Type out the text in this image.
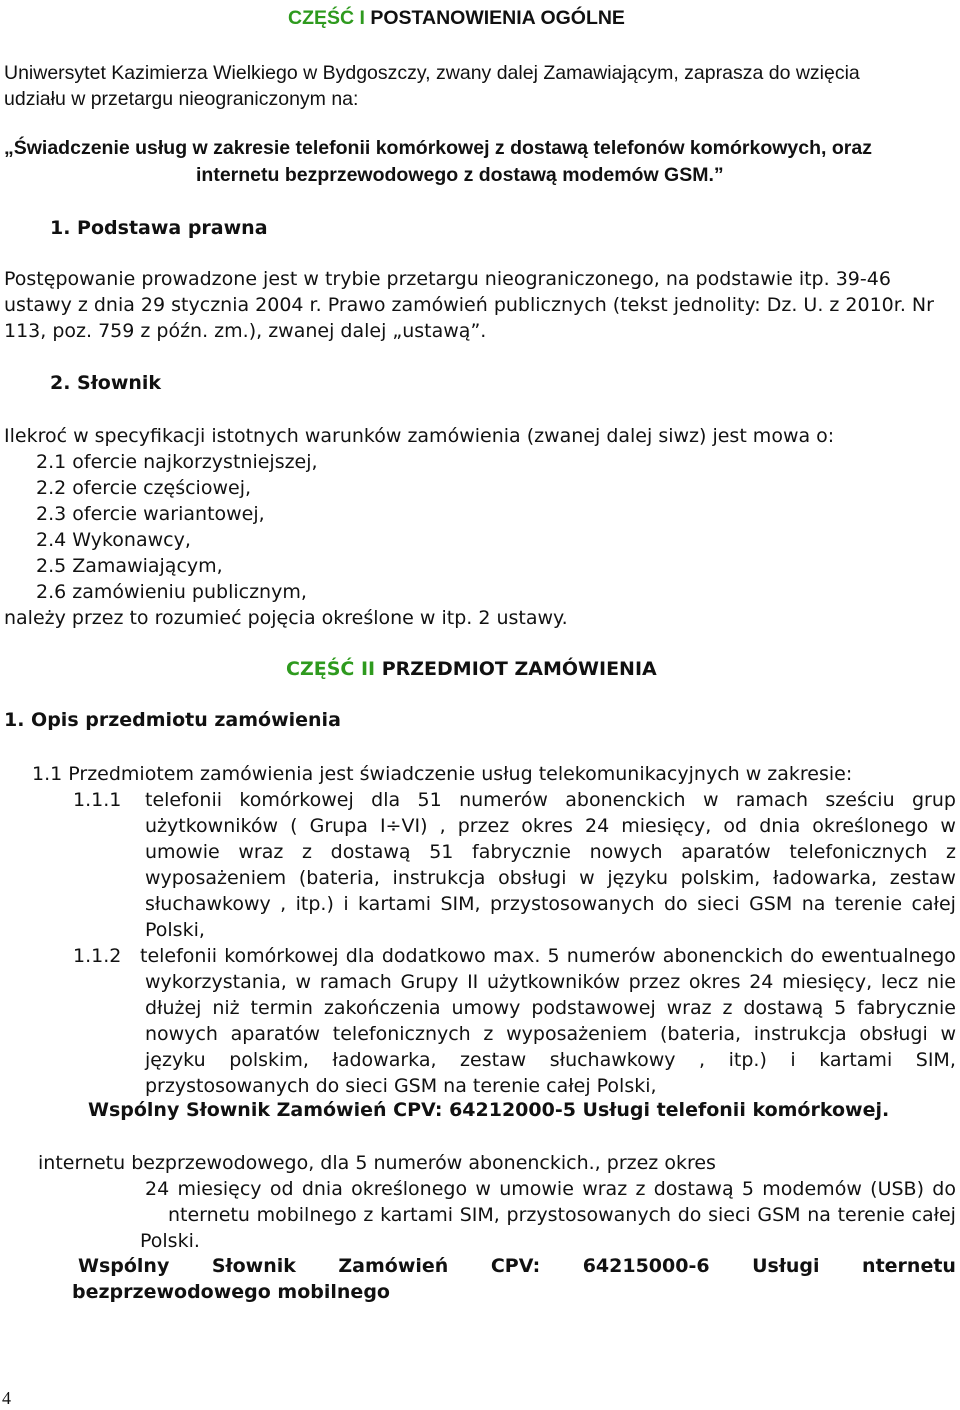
CZĘŚĆ I POSTANOWIENIA OGÓLNE
Uniwersytet Kazimierza Wielkiego w Bydgoszczy, zwany dalej Zamawiającym, zaprasza do wzięcia
udziału w przetargu nieograniczonym na:
„Świadczenie usług w zakresie telefonii komórkowej z dostawą telefonów komórkowych, oraz
internetu bezprzewodowego z dostawą modemów GSM.”
1. Podstawa prawna
Postępowanie prowadzone jest w trybie przetargu nieograniczonego, na podstawie itp. 39-46
ustawy z dnia 29 stycznia 2004 r. Prawo zamówień publicznych (tekst jednolity: Dz. U. z 2010r. Nr
113, poz. 759 z późn. zm.), zwanej dalej „ustawą”.
2. Słownik
Ilekroć w specyfikacji istotnych warunków zamówienia (zwanej dalej siwz) jest mowa o:
2.1 ofercie najkorzystniejszej,
2.2 ofercie częściowej,
2.3 ofercie wariantowej,
2.4 Wykonawcy,
2.5 Zamawiającym,
2.6 zamówieniu publicznym,
należy przez to rozumieć pojęcia określone w itp. 2 ustawy.
CZĘŚĆ II PRZEDMIOT ZAMÓWIENIA
1. Opis przedmiotu zamówienia
1.1 Przedmiotem zamówienia jest świadczenie usług telekomunikacyjnych w zakresie:
1.1.1 telefonii komórkowej dla 51 numerów abonenckich w ramach sześciu grup
użytkowników ( Grupa I÷VI) , przez okres 24 miesięcy, od dnia określonego w
umowie wraz z dostawą 51 fabrycznie nowych aparatów telefonicznych z
wyposażeniem (bateria, instrukcja obsługi w języku polskim, ładowarka, zestaw
słuchawkowy , itp.) i kartami SIM, przystosowanych do sieci GSM na terenie całej
Polski,
1.1.2 telefonii komórkowej dla dodatkowo max. 5 numerów abonenckich do ewentualnego
wykorzystania, w ramach Grupy II użytkowników przez okres 24 miesięcy, lecz nie
dłużej niż termin zakończenia umowy podstawowej wraz z dostawą 5 fabrycznie
nowych aparatów telefonicznych z wyposażeniem (bateria, instrukcja obsługi w
języku polskim, ładowarka, zestaw słuchawkowy , itp.) i kartami SIM,
przystosowanych do sieci GSM na terenie całej Polski,
Wspólny Słownik Zamówień CPV: 64212000-5 Usługi telefonii komórkowej.
internetu bezprzewodowego, dla 5 numerów abonenckich., przez okres
24 miesięcy od dnia określonego w umowie wraz z dostawą 5 modemów (USB) do
nternetu mobilnego z kartami SIM, przystosowanych do sieci GSM na terenie całej
Polski.
Wspólny Słownik Zamówień CPV: 64215000-6 Usługi nternetu
bezprzewodowego mobilnego
4
